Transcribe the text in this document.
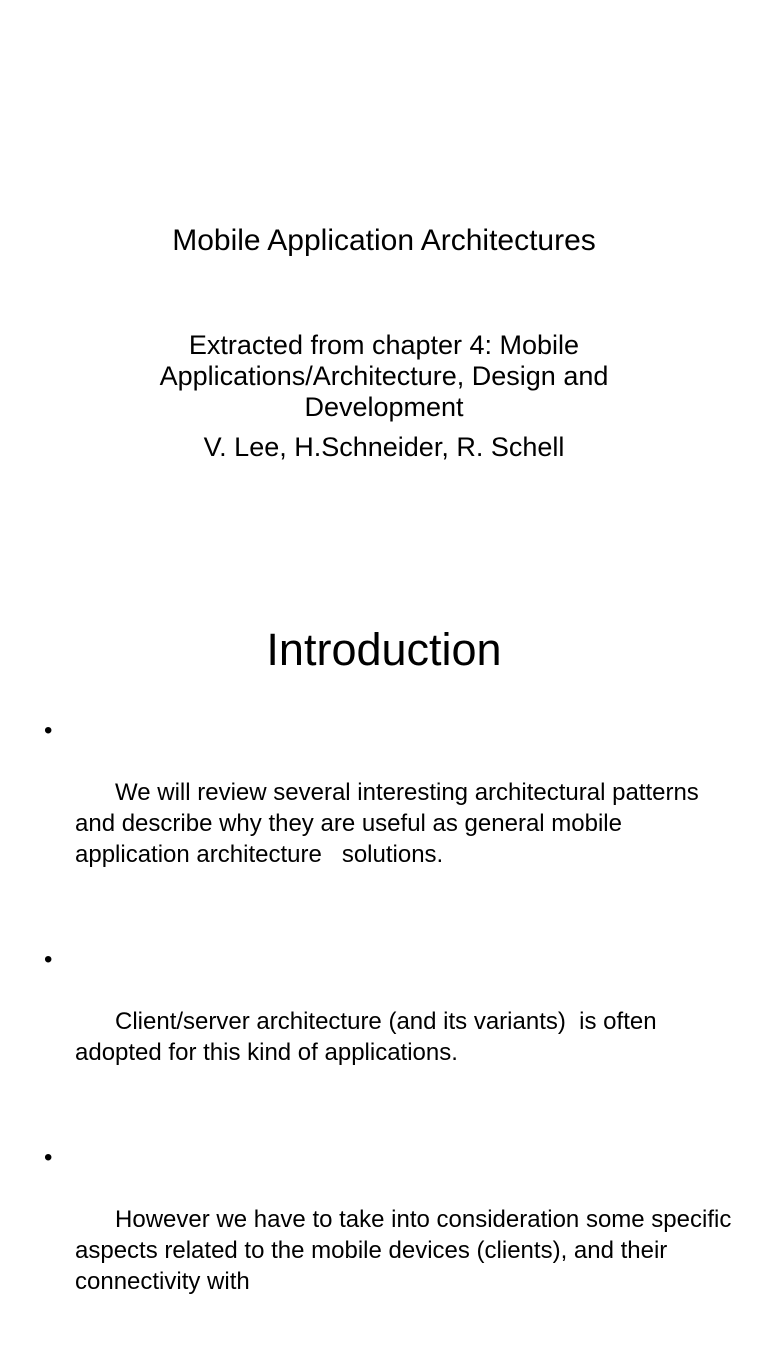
Mobile Application Architectures
Extracted from chapter 4: Mobile
Applications/Architecture, Design and
Development
V. Lee, H.Schneider, R. Schell
Introduction

•

We will review several interesting architectural patterns and describe why they are useful as general mobile application architecture   solutions.

•

Client/server architecture (and its variants)  is often adopted for this kind of applications.

•

However we have to take into consideration some specific aspects related to the mobile devices (clients), and their connectivity with
